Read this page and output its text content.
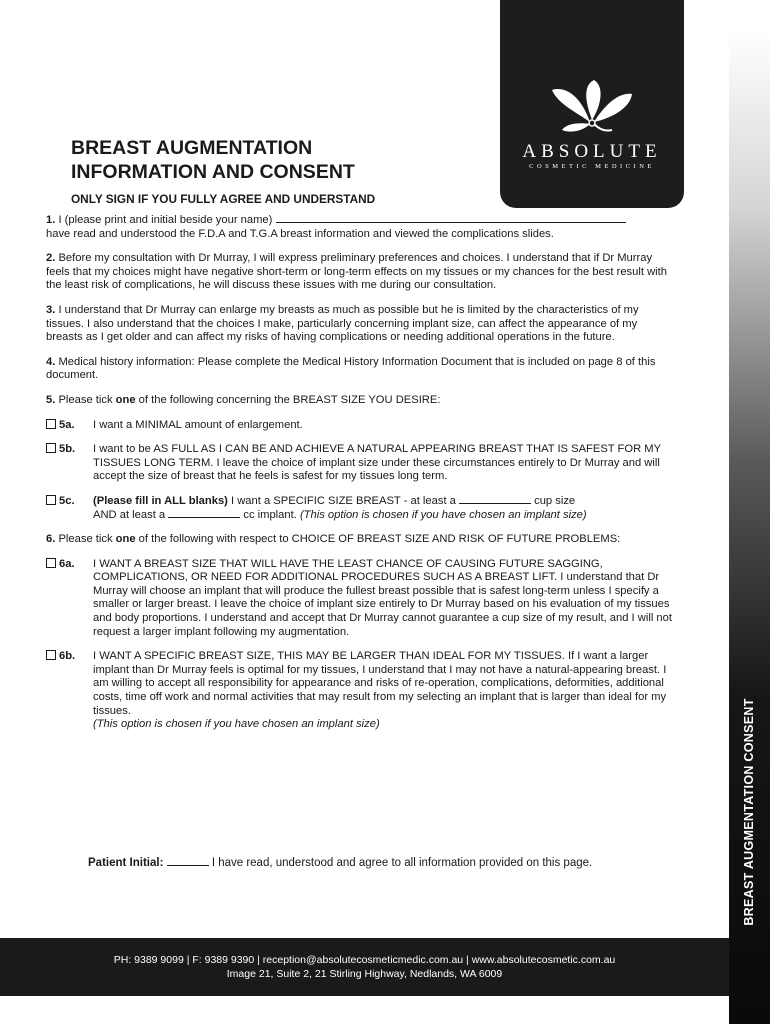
ABSOLUTE
COSMETIC MEDICINE
BREAST AUGMENTATION CONSENT
BREAST AUGMENTATION
INFORMATION AND CONSENT
ONLY SIGN IF YOU FULLY AGREE AND UNDERSTAND

1. I (please print and initial beside your name)
have read and understood the F.D.A and T.G.A breast information and viewed the complications slides.

2. Before my consultation with Dr Murray, I will express preliminary preferences and choices. I understand that if Dr Murray feels that my choices might have negative short-term or long-term effects on my tissues or my chances for the best result with the least risk of complications, he will discuss these issues with me during our consultation.

3. I understand that Dr Murray can enlarge my breasts as much as possible but he is limited by the characteristics of my tissues. I also understand that the choices I make, particularly concerning implant size, can affect the appearance of my breasts as I get older and can affect my risks of having complications or needing additional operations in the future.

4. Medical history information: Please complete the Medical History Information Document that is included on page 8 of this document.

5. Please tick one of the following concerning the BREAST SIZE YOU DESIRE:

5a.	I want a MINIMAL amount of enlargement.
5b.	I want to be AS FULL AS I CAN BE AND ACHIEVE A NATURAL APPEARING BREAST THAT IS SAFEST FOR MY TISSUES LONG TERM. I leave the choice of implant size under these circumstances entirely to Dr Murray and will accept the size of breast that he feels is safest for my tissues long term.
5c.	(Please fill in ALL blanks) I want a SPECIFIC SIZE BREAST - at least a	cup size
AND at least a	cc implant. (This option is chosen if you have chosen an implant size)

6. Please tick one of the following with respect to CHOICE OF BREAST SIZE AND RISK OF FUTURE PROBLEMS:

6a.	I WANT A BREAST SIZE THAT WILL HAVE THE LEAST CHANCE OF CAUSING FUTURE SAGGING, COMPLICATIONS, OR NEED FOR ADDITIONAL PROCEDURES SUCH AS A BREAST LIFT. I understand that Dr Murray will choose an implant that will produce the fullest breast possible that is safest long-term unless I specify a smaller or larger breast. I leave the choice of implant size entirely to Dr Murray based on his evaluation of my tissues and body proportions. I understand and accept that Dr Murray cannot guarantee a cup size of my result, and I will not request a larger implant following my augmentation.
6b.	I WANT A SPECIFIC BREAST SIZE, THIS MAY BE LARGER THAN IDEAL FOR MY TISSUES. If I want a larger implant than Dr Murray feels is optimal for my tissues, I understand that I may not have a natural-appearing breast. I am willing to accept all responsibility for appearance and risks of re-operation, complications, deformities, additional costs, time off work and normal activities that may result from my selecting an implant that is larger than ideal for my tissues.
(This option is chosen if you have chosen an implant size)
Patient Initial:	I have read, understood and agree to all information provided on this page.
PH: 9389 9099 | F: 9389 9390 | reception@absolutecosmeticmedic.com.au | www.absolutecosmetic.com.au
Image 21, Suite 2, 21 Stirling Highway, Nedlands, WA 6009
